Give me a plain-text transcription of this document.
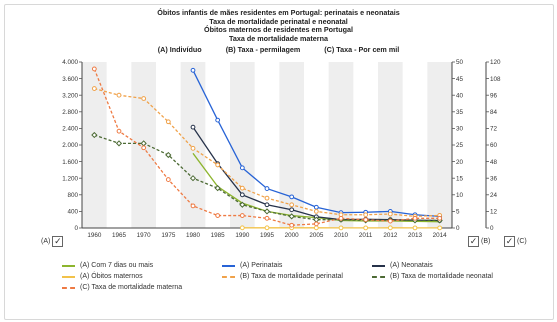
Óbitos infantis de mães residentes em Portugal: perinatais e neonatais
Taxa de mortalidade perinatal e neonatal
Óbitos maternos de residentes em Portugal
Taxa de mortalidade materna
(A) Indivíduo	(B) Taxa - permilagem	(C) Taxa - Por cem mil
0
400
800
1.200
1.600
2.000
2.400
2.800
3.200
3.600
4.000
0
5
10
15
20
25
30
35
40
45
50
0
12
24
36
48
60
72
84
96
108
120
1960 1965 1970 1975 1980 1985 1990 1995 2000 2005 2010 2011 2012 2013 2014
(A) ✓	✓ (B) ✓ (C)
(A) Com 7 dias ou mais	(A) Perinatais	(A) Neonatais
(A) Óbitos maternos	(B) Taxa de mortalidade perinatal	(B) Taxa de mortalidade neonatal
(C) Taxa de mortalidade materna
